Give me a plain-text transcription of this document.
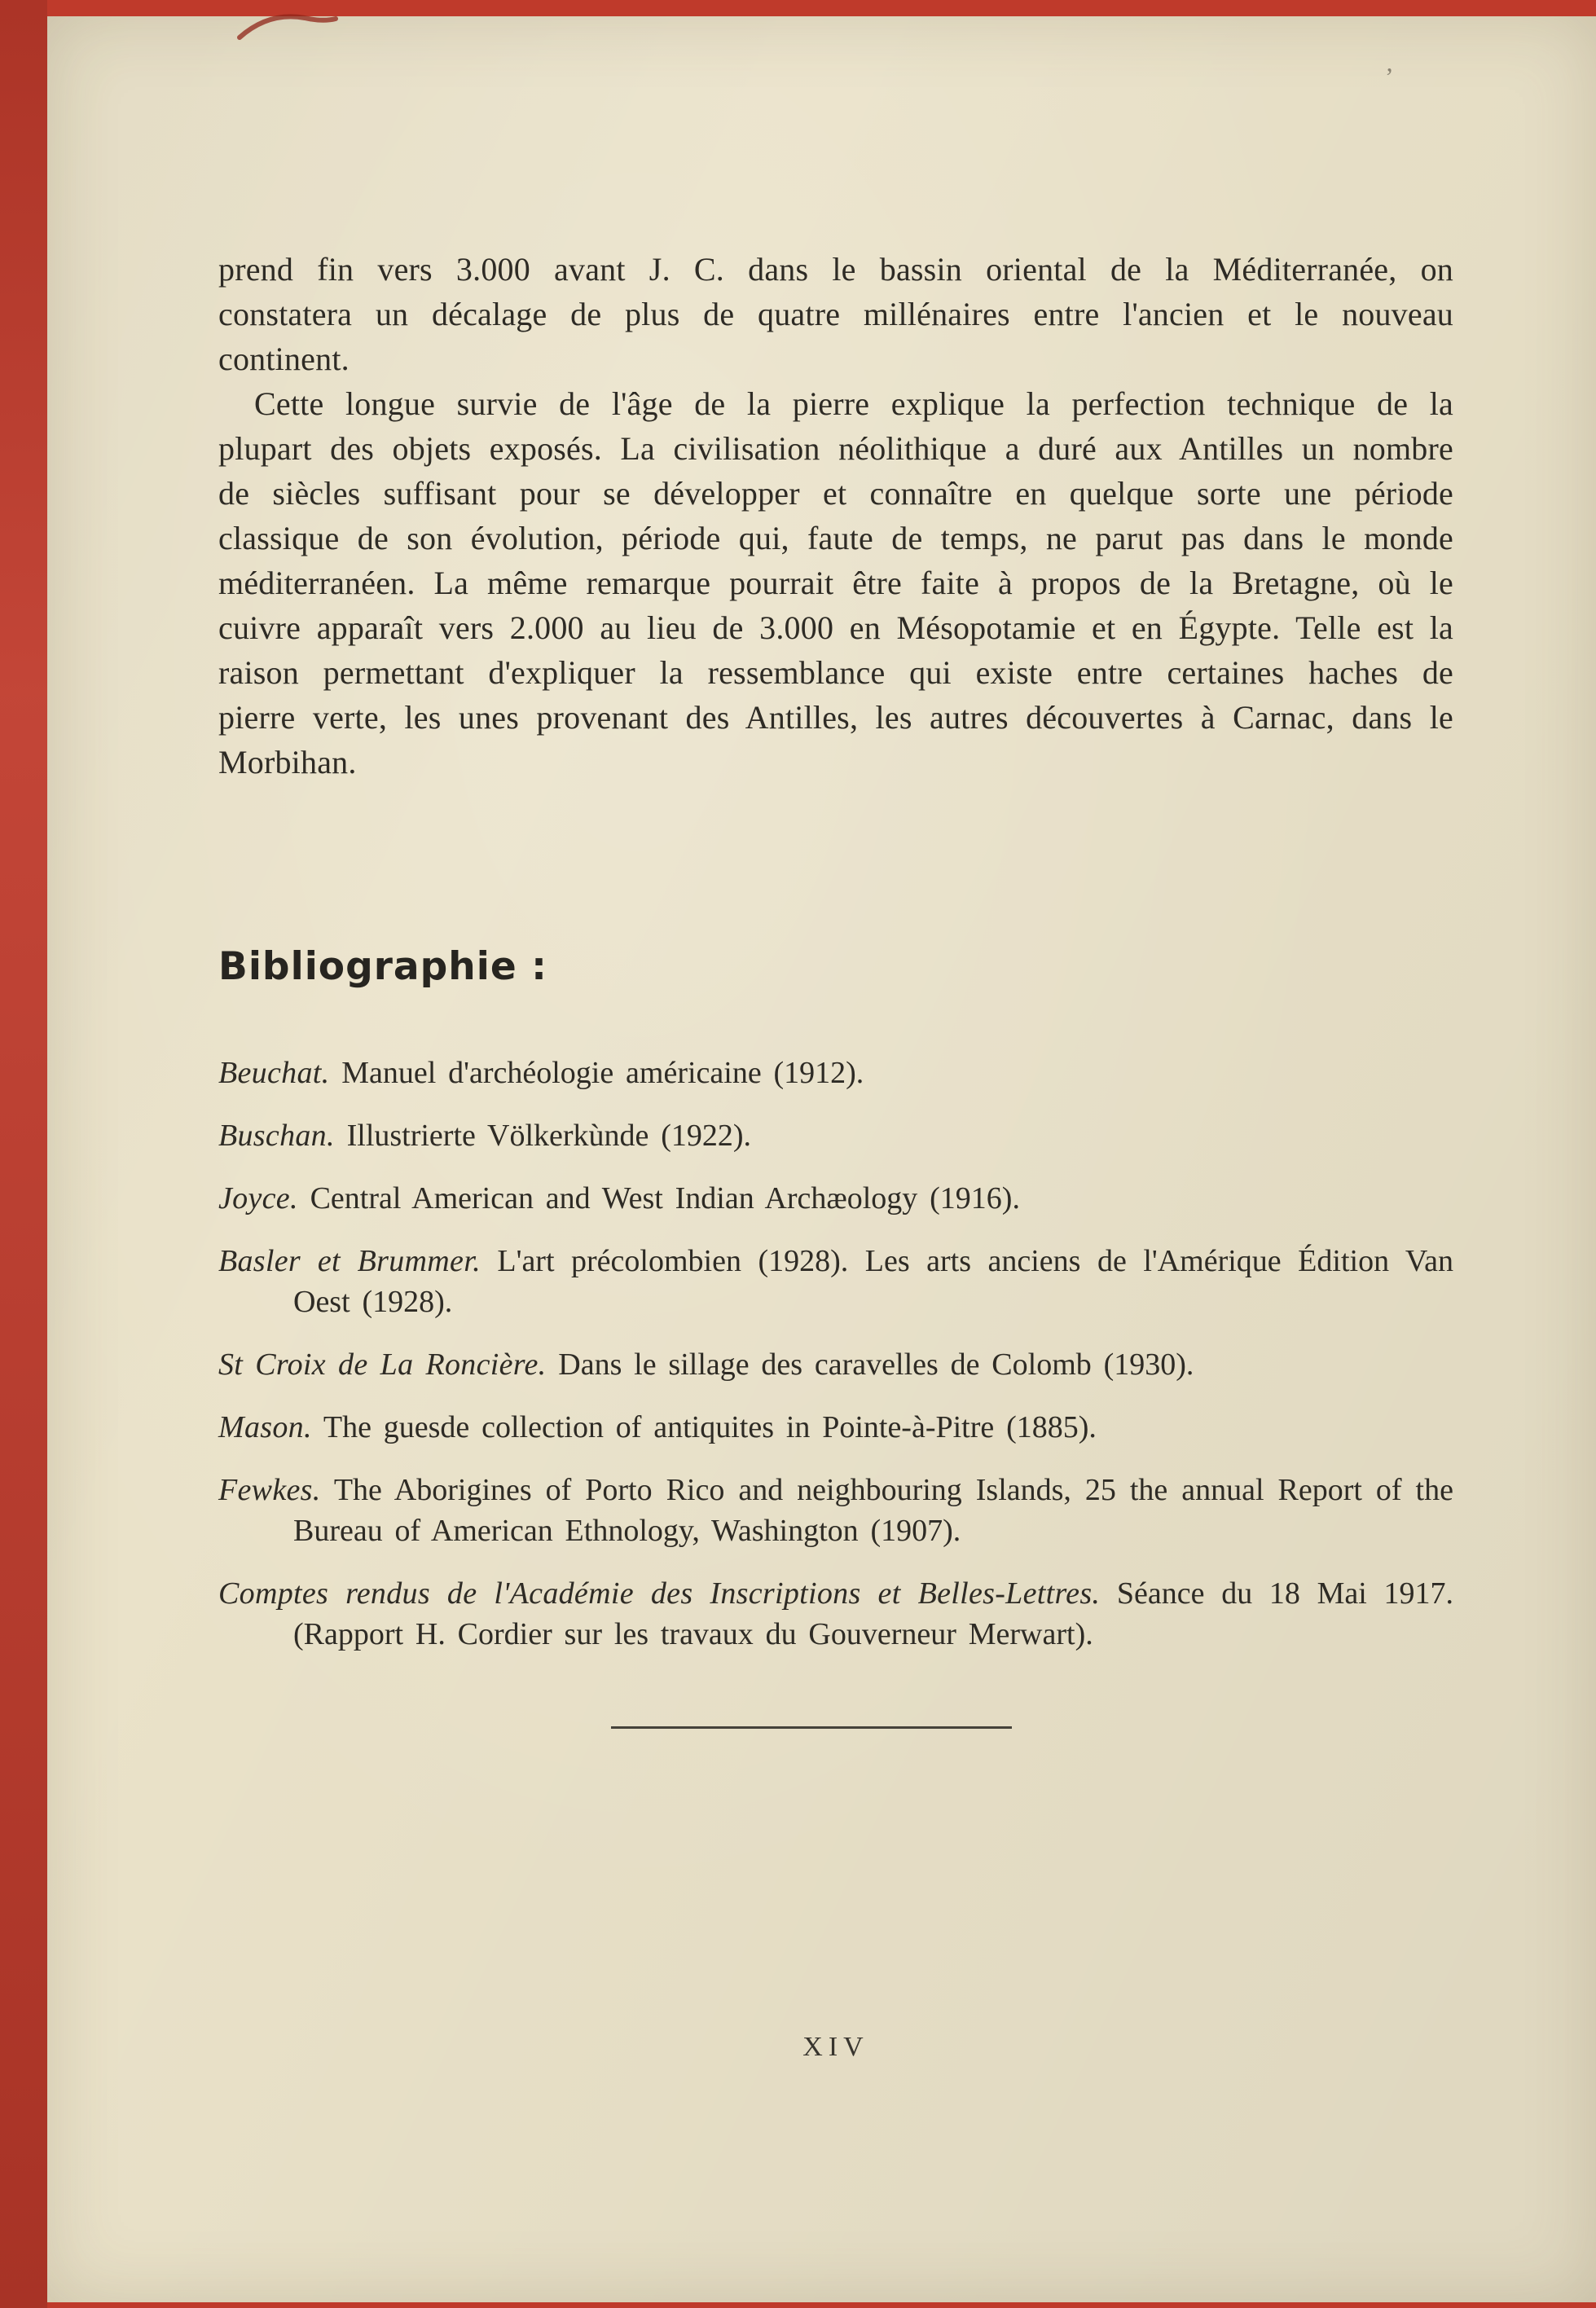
’

prend fin vers 3.000 avant J. C. dans le bassin oriental de la Méditerranée, on constatera un décalage de plus de quatre millénaires entre l'ancien et le nouveau continent.

Cette longue survie de l'âge de la pierre explique la perfection technique de la plupart des objets exposés. La civilisation néolithique a duré aux Antilles un nombre de siècles suffisant pour se développer et connaître en quelque sorte une période classique de son évolution, période qui, faute de temps, ne parut pas dans le monde méditerranéen. La même remarque pourrait être faite à propos de la Bretagne, où le cuivre apparaît vers 2.000 au lieu de 3.000 en Mésopotamie et en Égypte. Telle est la raison permettant d'expliquer la ressemblance qui existe entre certaines haches de pierre verte, les unes provenant des Antilles, les autres découvertes à Carnac, dans le Morbihan.

Bibliographie :

Beuchat. Manuel d'archéologie américaine (1912).

Buschan. Illustrierte Völkerkùnde (1922).

Joyce. Central American and West Indian Archæology (1916).

Basler et Brummer. L'art précolombien (1928). Les arts anciens de l'Amérique Édition Van Oest (1928).

St Croix de La Roncière. Dans le sillage des caravelles de Colomb (1930).

Mason. The guesde collection of antiquites in Pointe-à-Pitre (1885).

Fewkes. The Aborigines of Porto Rico and neighbouring Islands, 25 the annual Report of the Bureau of American Ethnology, Washington (1907).

Comptes rendus de l'Académie des Inscriptions et Belles-Lettres. Séance du 18 Mai 1917. (Rapport H. Cordier sur les travaux du Gouverneur Merwart).

XIV
